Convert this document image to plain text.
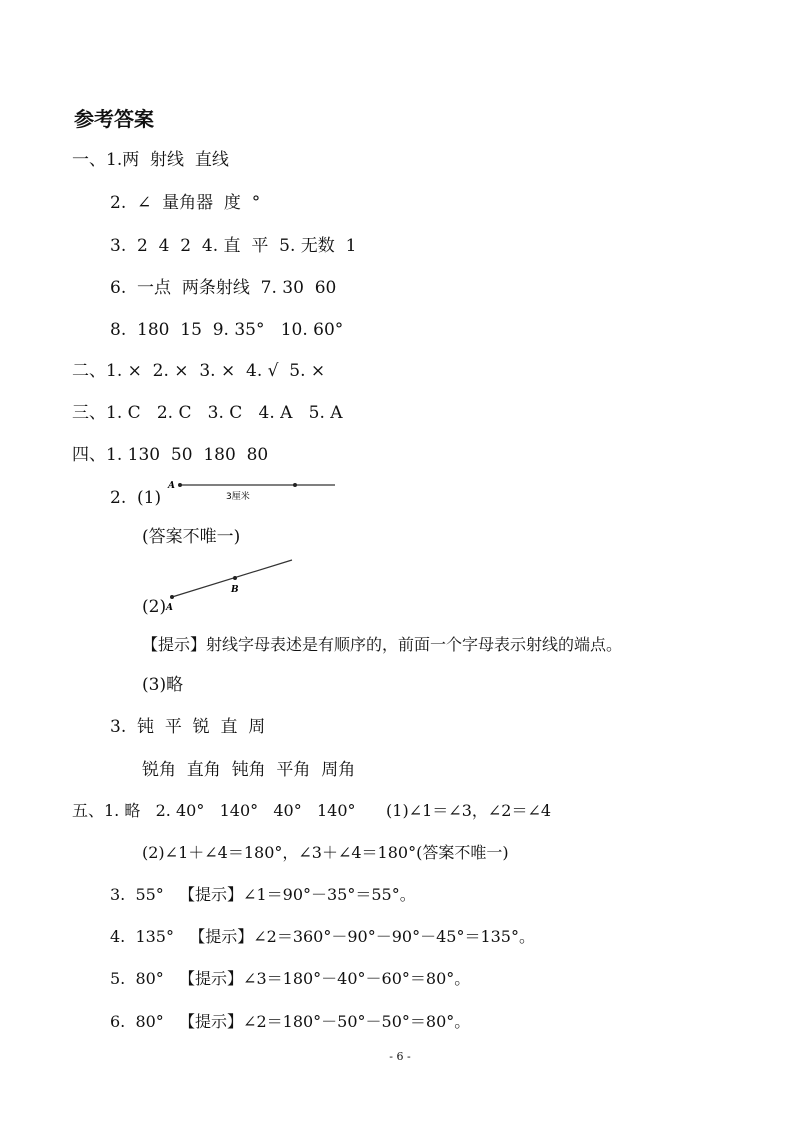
参考答案
一、1.两  射线  直线
2.  ∠  量角器  度  °
3.  2  4  2  4. 直  平  5. 无数  1
6.  一点  两条射线  7. 30  60
8.  180  15  9. 35°   10. 60°
二、1. ×  2. ×  3. ×  4. √  5. ×
三、1. C   2. C   3. C   4. A   5. A
四、1. 130  50  180  80
2.  (1)
A
3厘米
(答案不唯一)
A
B
(2)
【提示】射线字母表述是有顺序的，前面一个字母表示射线的端点。
(3)略
3.  钝  平  锐  直  周
锐角  直角  钝角  平角  周角
五、1. 略   2. 40°   140°   40°   140°      (1)∠1＝∠3，∠2＝∠4
(2)∠1＋∠4＝180°，∠3＋∠4＝180°(答案不唯一)
3.  55°   【提示】∠1＝90°－35°＝55°。
4.  135°   【提示】∠2＝360°－90°－90°－45°＝135°。
5.  80°   【提示】∠3＝180°－40°－60°＝80°。
6.  80°   【提示】∠2＝180°－50°－50°＝80°。
- 6 -
